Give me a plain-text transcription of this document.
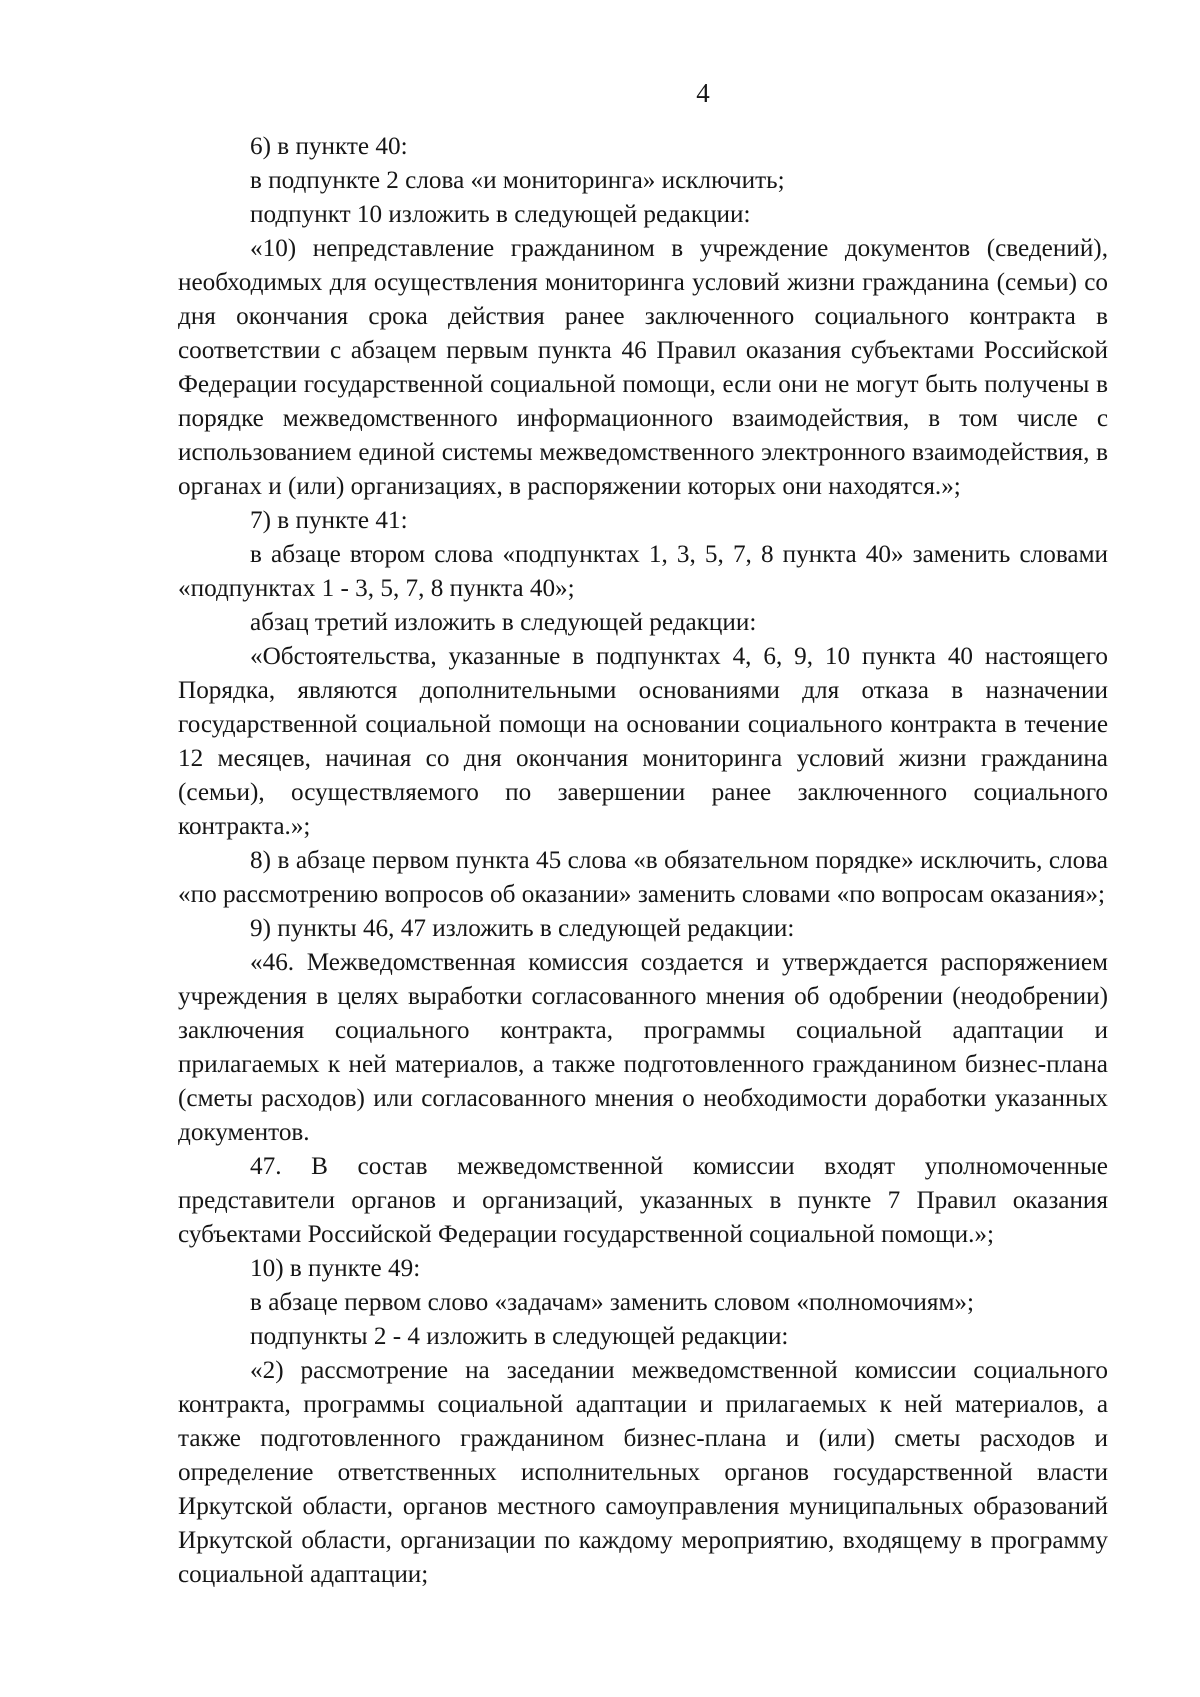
4

6) в пункте 40:

в подпункте 2 слова «и мониторинга» исключить;

подпункт 10 изложить в следующей редакции:

«10) непредставление гражданином в учреждение документов (сведений), необходимых для осуществления мониторинга условий жизни гражданина (семьи) со дня окончания срока действия ранее заключенного социального контракта в соответствии с абзацем первым пункта 46 Правил оказания субъектами Российской Федерации государственной социальной помощи, если они не могут быть получены в порядке межведомственного информационного взаимодействия, в том числе с использованием единой системы межведомственного электронного взаимодействия, в органах и (или) организациях, в распоряжении которых они находятся.»;

7) в пункте 41:

в абзаце втором слова «подпунктах 1, 3, 5, 7, 8 пункта 40» заменить словами «подпунктах 1 - 3, 5, 7, 8 пункта 40»;

абзац третий изложить в следующей редакции:

«Обстоятельства, указанные в подпунктах 4, 6, 9, 10 пункта 40 настоящего Порядка, являются дополнительными основаниями для отказа в назначении государственной социальной помощи на основании социального контракта в течение 12 месяцев, начиная со дня окончания мониторинга условий жизни гражданина (семьи), осуществляемого по завершении ранее заключенного социального контракта.»;

8) в абзаце первом пункта 45 слова «в обязательном порядке» исключить, слова «по рассмотрению вопросов об оказании» заменить словами «по вопросам оказания»;

9) пункты 46, 47 изложить в следующей редакции:

«46. Межведомственная комиссия создается и утверждается распоряжением учреждения в целях выработки согласованного мнения об одобрении (неодобрении) заключения социального контракта, программы социальной адаптации и прилагаемых к ней материалов, а также подготовленного гражданином бизнес-плана (сметы расходов) или согласованного мнения о необходимости доработки указанных документов.

47. В состав межведомственной комиссии входят уполномоченные представители органов и организаций, указанных в пункте 7 Правил оказания субъектами Российской Федерации государственной социальной помощи.»;

10) в пункте 49:

в абзаце первом слово «задачам» заменить словом «полномочиям»;

подпункты 2 - 4 изложить в следующей редакции:

«2) рассмотрение на заседании межведомственной комиссии социального контракта, программы социальной адаптации и прилагаемых к ней материалов, а также подготовленного гражданином бизнес-плана и (или) сметы расходов и определение ответственных исполнительных органов государственной власти Иркутской области, органов местного самоуправления муниципальных образований Иркутской области, организации по каждому мероприятию, входящему в программу социальной адаптации;
